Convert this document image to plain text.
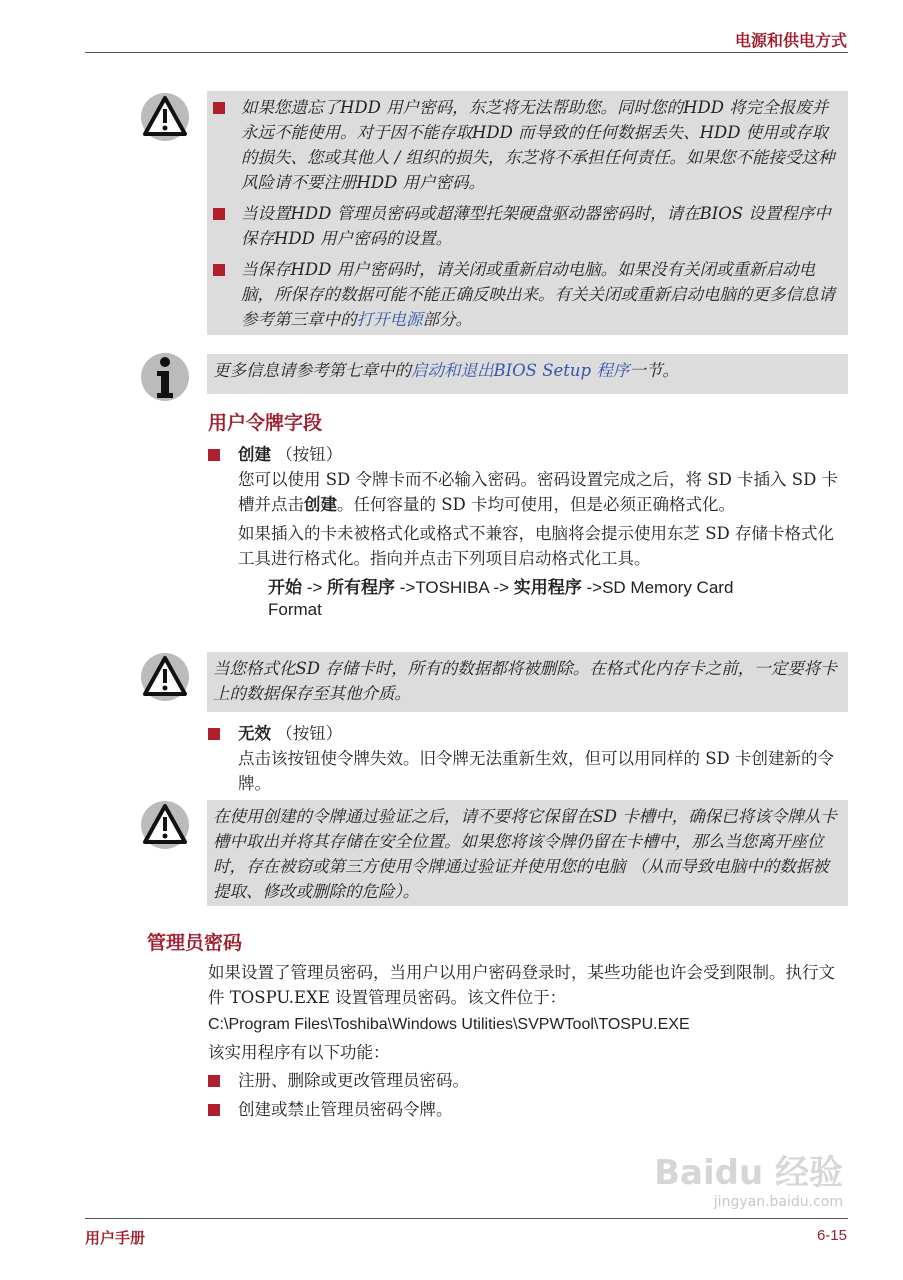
电源和供电方式
如果您遗忘了HDD 用户密码，东芝将无法帮助您。同时您的HDD 将完全报废并永远不能使用。对于因不能存取HDD 而导致的任何数据丢失、HDD 使用或存取的损失、您或其他人 / 组织的损失，东芝将不承担任何责任。如果您不能接受这种风险请不要注册HDD 用户密码。
当设置HDD 管理员密码或超薄型托架硬盘驱动器密码时，请在BIOS 设置程序中保存HDD 用户密码的设置。
当保存HDD 用户密码时，请关闭或重新启动电脑。如果没有关闭或重新启动电脑，所保存的数据可能不能正确反映出来。有关关闭或重新启动电脑的更多信息请参考第三章中的打开电源部分。
更多信息请参考第七章中的启动和退出BIOS Setup 程序一节。
用户令牌字段
创建 （按钮）
您可以使用 SD 令牌卡而不必输入密码。密码设置完成之后，将 SD 卡插入 SD 卡槽并点击创建。任何容量的 SD 卡均可使用，但是必须正确格式化。
如果插入的卡未被格式化或格式不兼容，电脑将会提示使用东芝 SD 存储卡格式化工具进行格式化。指向并点击下列项目启动格式化工具。
开始 -> 所有程序 ->TOSHIBA -> 实用程序 ->SD Memory Card Format
当您格式化SD 存储卡时，所有的数据都将被删除。在格式化内存卡之前，一定要将卡上的数据保存至其他介质。
无效 （按钮）
点击该按钮使令牌失效。旧令牌无法重新生效，但可以用同样的 SD 卡创建新的令牌。
在使用创建的令牌通过验证之后，请不要将它保留在SD 卡槽中，确保已将该令牌从卡槽中取出并将其存储在安全位置。如果您将该令牌仍留在卡槽中，那么当您离开座位时，存在被窃或第三方使用令牌通过验证并使用您的电脑 （从而导致电脑中的数据被提取、修改或删除的危险）。
管理员密码
如果设置了管理员密码，当用户以用户密码登录时，某些功能也许会受到限制。执行文件 TOSPU.EXE 设置管理员密码。该文件位于：
C:\Program Files\Toshiba\Windows Utilities\SVPWTool\TOSPU.EXE
该实用程序有以下功能：
注册、删除或更改管理员密码。
创建或禁止管理员密码令牌。
Baidu 经验
jingyan.baidu.com
用户手册	6-15
